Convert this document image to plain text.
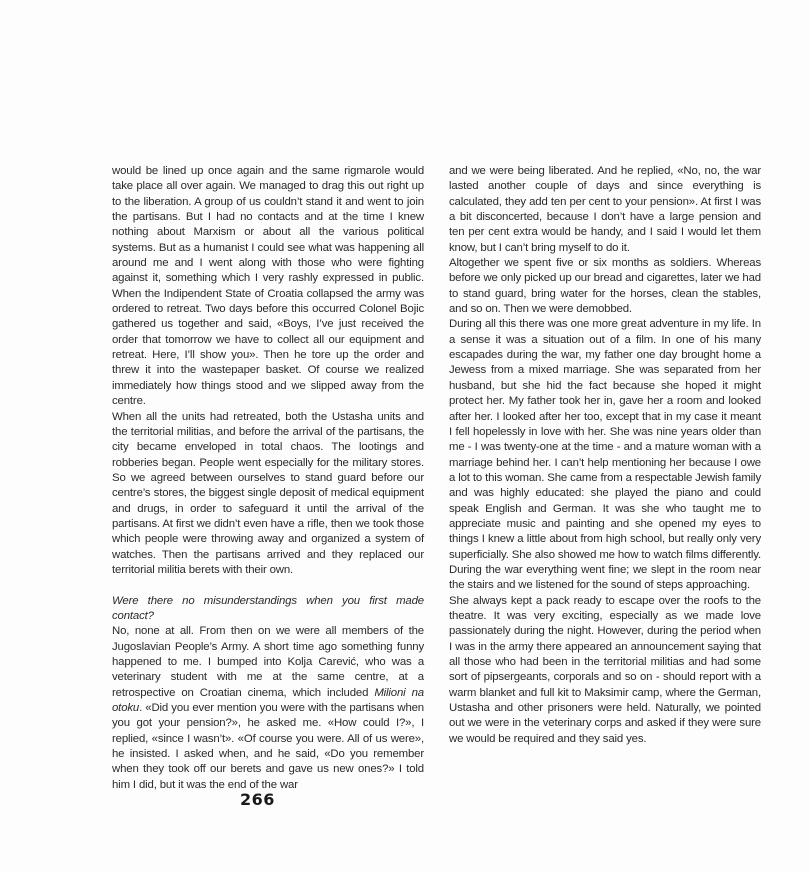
would be lined up once again and the same rigmarole would take place all over again. We managed to drag this out right up to the liberation. A group of us couldn’t stand it and went to join the partisans. But I had no contacts and at the time I knew nothing about Marxism or about all the various political systems. But as a humanist I could see what was happening all around me and I went along with those who were fighting against it, something which I very rashly expressed in public. When the Indipendent State of Croatia collapsed the army was ordered to retreat. Two days before this occurred Colonel Bojic gathered us together and said, «Boys, I’ve just received the order that tomorrow we have to collect all our equipment and retreat. Here, I’ll show you». Then he tore up the order and threw it into the wastepaper basket. Of course we realized immediately how things stood and we slipped away from the centre.

When all the units had retreated, both the Ustasha units and the territorial militias, and before the arrival of the partisans, the city became enveloped in total chaos. The lootings and robberies began. People went especially for the military stores. So we agreed between ourselves to stand guard before our centre’s stores, the biggest single deposit of medical equipment and drugs, in order to safeguard it until the arrival of the partisans. At first we didn’t even have a rifle, then we took those which people were throwing away and organized a system of watches. Then the partisans arrived and they replaced our territorial militia berets with their own.

Were there no misunderstandings when you first made contact?

No, none at all. From then on we were all members of the Jugoslavian People’s Army. A short time ago something funny happened to me. I bumped into Kolja Carević, who was a veterinary student with me at the same centre, at a retrospective on Croatian cinema, which included Milioni na otoku. «Did you ever mention you were with the partisans when you got your pension?», he asked me. «How could I?», I replied, «since I wasn’t». «Of course you were. All of us were», he insisted. I asked when, and he said, «Do you remember when they took off our berets and gave us new ones?» I told him I did, but it was the end of the war

and we were being liberated. And he replied, «No, no, the war lasted another couple of days and since everything is calculated, they add ten per cent to your pension». At first I was a bit disconcerted, because I don’t have a large pension and ten per cent extra would be handy, and I said I would let them know, but I can’t bring myself to do it.

Altogether we spent five or six months as soldiers. Whereas before we only picked up our bread and cigarettes, later we had to stand guard, bring water for the horses, clean the stables, and so on. Then we were demobbed.

During all this there was one more great adventure in my life. In a sense it was a situation out of a film. In one of his many escapades during the war, my father one day brought home a Jewess from a mixed marriage. She was separated from her husband, but she hid the fact because she hoped it might protect her. My father took her in, gave her a room and looked after her. I looked after her too, except that in my case it meant I fell hopelessly in love with her. She was nine years older than me - I was twenty-one at the time - and a mature woman with a marriage behind her. I can’t help mentioning her because I owe a lot to this woman. She came from a respectable Jewish family and was highly educated: she played the piano and could speak English and German. It was she who taught me to appreciate music and painting and she opened my eyes to things I knew a little about from high school, but really only very superficially. She also showed me how to watch films differently. During the war everything went fine; we slept in the room near the stairs and we listened for the sound of steps approaching.

She always kept a pack ready to escape over the roofs to the theatre. It was very exciting, especially as we made love passionately during the night. However, during the period when I was in the army there appeared an announcement saying that all those who had been in the territorial militias and had some sort of pipsergeants, corporals and so on - should report with a warm blanket and full kit to Maksimir camp, where the German, Ustasha and other prisoners were held. Naturally, we pointed out we were in the veterinary corps and asked if they were sure we would be required and they said yes.

266
